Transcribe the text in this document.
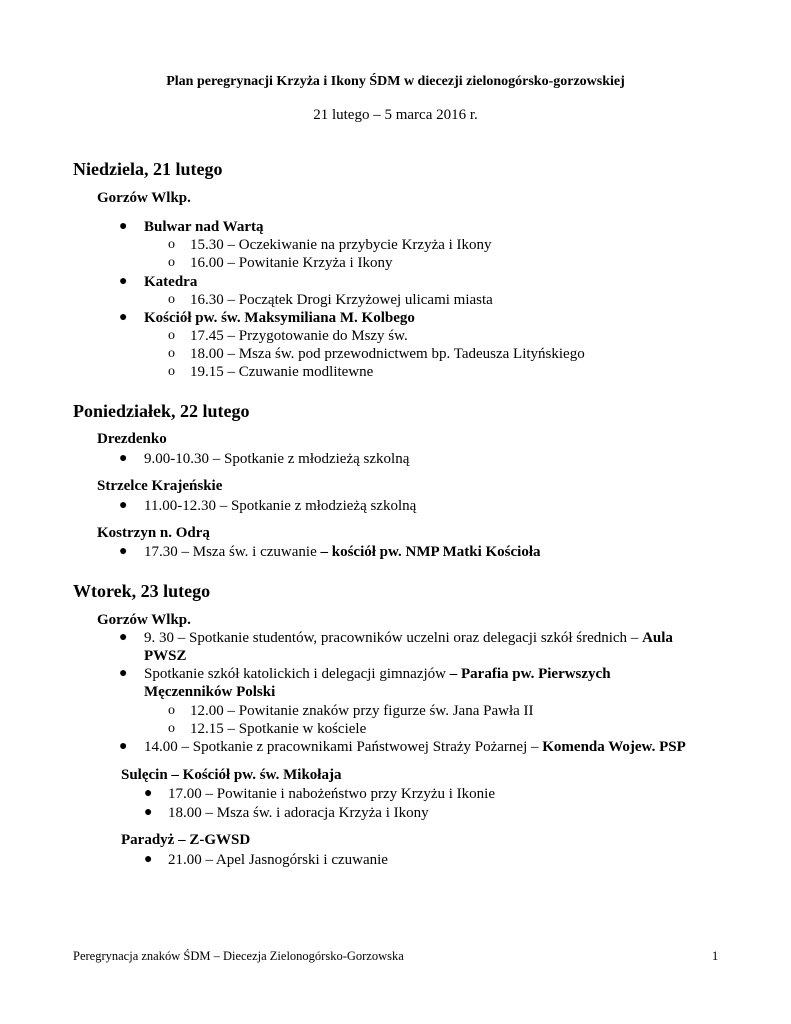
Plan peregrynacji Krzyża i Ikony ŚDM w diecezji zielonogórsko-gorzowskiej
21 lutego – 5 marca 2016 r.
Niedziela, 21 lutego
Gorzów Wlkp.
● Bulwar nad Wartą
o 15.30 – Oczekiwanie na przybycie Krzyża i Ikony
o 16.00 – Powitanie Krzyża i Ikony
● Katedra
o 16.30 – Początek Drogi Krzyżowej ulicami miasta
● Kościół pw. św. Maksymiliana M. Kolbego
o 17.45 – Przygotowanie do Mszy św.
o 18.00 – Msza św. pod przewodnictwem bp. Tadeusza Lityńskiego
o 19.15 – Czuwanie modlitewne
Poniedziałek, 22 lutego
Drezdenko
● 9.00-10.30 – Spotkanie z młodzieżą szkolną
Strzelce Krajeńskie
● 11.00-12.30 – Spotkanie z młodzieżą szkolną
Kostrzyn n. Odrą
● 17.30 – Msza św. i czuwanie – kościół pw. NMP Matki Kościoła
Wtorek, 23 lutego
Gorzów Wlkp.
● 9. 30 – Spotkanie studentów, pracowników uczelni oraz delegacji szkół średnich – Aula
PWSZ
● Spotkanie szkół katolickich i delegacji gimnazjów – Parafia pw. Pierwszych
Męczenników Polski
o 12.00 – Powitanie znaków przy figurze św. Jana Pawła II
o 12.15 – Spotkanie w kościele
● 14.00 – Spotkanie z pracownikami Państwowej Straży Pożarnej – Komenda Wojew. PSP
Sulęcin – Kościół pw. św. Mikołaja
● 17.00 – Powitanie i nabożeństwo przy Krzyżu i Ikonie
● 18.00 – Msza św. i adoracja Krzyża i Ikony
Paradyż – Z-GWSD
● 21.00 – Apel Jasnogórski i czuwanie
Peregrynacja znaków ŚDM – Diecezja Zielonogórsko-Gorzowska	1
